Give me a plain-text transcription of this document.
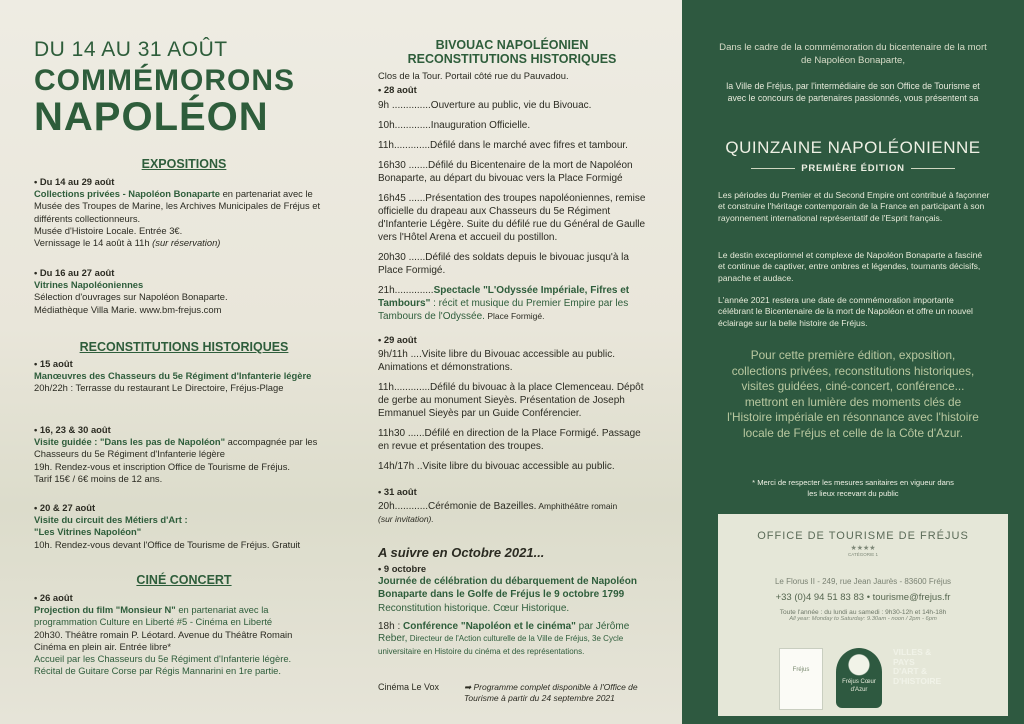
DU 14 AU 31 AOÛT
COMMÉMORONS
NAPOLÉON
EXPOSITIONS
• Du 14 au 29 août
Collections privées - Napoléon Bonaparte en partenariat avec le Musée des Troupes de Marine, les Archives Municipales de Fréjus et différents collectionneurs.
Musée d'Histoire Locale. Entrée 3€.
Vernissage le 14 août à 11h (sur réservation)
• Du 16 au 27 août
Vitrines Napoléoniennes
Sélection d'ouvrages sur Napoléon Bonaparte.
Médiathèque Villa Marie. www.bm-frejus.com
RECONSTITUTIONS HISTORIQUES
• 15 août
Manœuvres des Chasseurs du 5e Régiment d'Infanterie légère
20h/22h : Terrasse du restaurant Le Directoire, Fréjus-Plage
• 16, 23 & 30 août
Visite guidée : "Dans les pas de Napoléon" accompagnée par les Chasseurs du 5e Régiment d'Infanterie légère
19h. Rendez-vous et inscription Office de Tourisme de Fréjus.
Tarif 15€ / 6€ moins de 12 ans.
• 20 & 27 août
Visite du circuit des Métiers d'Art :
"Les Vitrines Napoléon"
10h. Rendez-vous devant l'Office de Tourisme de Fréjus. Gratuit
CINÉ CONCERT
• 26 août
Projection du film "Monsieur N" en partenariat avec la programmation Culture en Liberté #5 - Cinéma en Liberté
20h30. Théâtre romain P. Léotard. Avenue du Théâtre Romain
Cinéma en plein air. Entrée libre*
Accueil par les Chasseurs du 5e Régiment d'Infanterie légère.
Récital de Guitare Corse par Régis Mannarini en 1re partie.
BIVOUAC NAPOLÉONIEN
RECONSTITUTIONS HISTORIQUES
Clos de la Tour. Portail côté rue du Pauvadou.
• 28 août
9h ..............Ouverture au public, vie du Bivouac.
10h.............Inauguration Officielle.
11h.............Défilé dans le marché avec fifres et tambour.
16h30 .......Défilé du Bicentenaire de la mort de Napoléon Bonaparte, au départ du bivouac vers la Place Formigé
16h45 ......Présentation des troupes napoléoniennes, remise officielle du drapeau aux Chasseurs du 5e Régiment d'Infanterie Légère. Suite du défilé rue du Général de Gaulle vers l'Hôtel Arena et accueil du postillon.
20h30 ......Défilé des soldats depuis le bivouac jusqu'à la Place Formigé.
21h..............Spectacle "L'Odyssée Impériale, Fifres et Tambours" : récit et musique du Premier Empire par les Tambours de l'Odyssée. Place Formigé.
• 29 août
9h/11h ....Visite libre du Bivouac accessible au public. Animations et démonstrations.
11h.............Défilé du bivouac à la place Clemenceau. Dépôt de gerbe au monument Sieyès. Présentation de Joseph Emmanuel Sieyès par un Guide Conférencier.
11h30 ......Défilé en direction de la Place Formigé. Passage en revue et présentation des troupes.
14h/17h ..Visite libre du bivouac accessible au public.
• 31 août
20h............Cérémonie de Bazeilles. Amphithéâtre romain
(sur invitation).
A suivre en Octobre 2021...
• 9 octobre
Journée de célébration du débarquement de Napoléon Bonaparte dans le Golfe de Fréjus le 9 octobre 1799
Reconstitution historique. Cœur Historique.
18h : Conférence "Napoléon et le cinéma" par Jérôme Reber, Directeur de l'Action culturelle de la Ville de Fréjus, 3e Cycle universitaire en Histoire du cinéma et des représentations.
Cinéma Le Vox	➡ Programme complet disponible à l'Office de Tourisme à partir du 24 septembre 2021
Dans le cadre de la commémoration du bicentenaire de la mort de Napoléon Bonaparte,
la Ville de Fréjus, par l'intermédiaire de son Office de Tourisme et avec le concours de partenaires passionnés, vous présentent sa
QUINZAINE NAPOLÉONIENNE
PREMIÈRE ÉDITION
Les périodes du Premier et du Second Empire ont contribué à façonner et construire l'héritage contemporain de la France en participant à son rayonnement international représentatif de l'Esprit français.
Le destin exceptionnel et complexe de Napoléon Bonaparte a fasciné et continue de captiver, entre ombres et légendes, tournants décisifs, panache et audace.
L'année 2021 restera une date de commémoration importante célébrant le Bicentenaire de la mort de Napoléon et offre un nouvel éclairage sur la belle histoire de Fréjus.
Pour cette première édition, exposition, collections privées, reconstitutions historiques, visites guidées, ciné-concert, conférence... mettront en lumière des moments clés de l'Histoire impériale en résonnance avec l'histoire locale de Fréjus et celle de la Côte d'Azur.
* Merci de respecter les mesures sanitaires en vigueur dans les lieux recevant du public
OFFICE DE TOURISME DE FRÉJUS
★★★★
CATÉGORIE 1
Le Florus II - 249, rue Jean Jaurès - 83600 Fréjus
+33 (0)4 94 51 83 83 • tourisme@frejus.fr
Toute l'année : du lundi au samedi : 9h30-12h et 14h-18h
All year: Monday to Saturday: 9.30am - noon / 2pm - 6pm
Fréjus
Fréjus Cœur d'Azur
VILLES & PAYS D'ART & D'HISTOIRE
